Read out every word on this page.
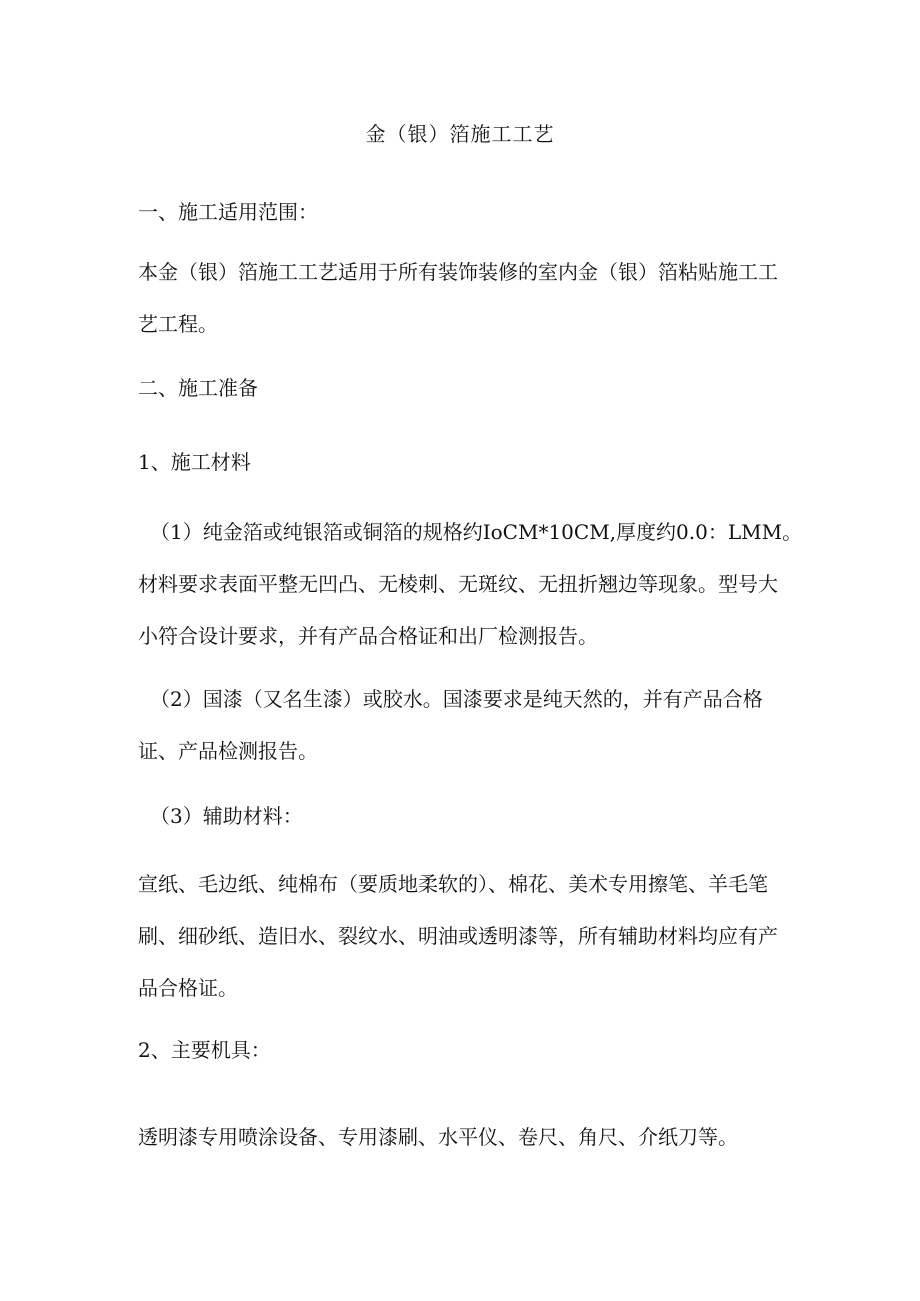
金（银）箔施工工艺

一、施工适用范围：

本金（银）箔施工工艺适用于所有装饰装修的室内金（银）箔粘贴施工工
艺工程。

二、施工准备

1、施工材料

（1）纯金箔或纯银箔或铜箔的规格约IoCM*10CM,厚度约0.0：LMM。
材料要求表面平整无凹凸、无棱刺、无斑纹、无扭折翘边等现象。型号大
小符合设计要求，并有产品合格证和出厂检测报告。
（2）国漆（又名生漆）或胶水。国漆要求是纯天然的，并有产品合格
证、产品检测报告。

（3）辅助材料：

宣纸、毛边纸、纯棉布（要质地柔软的）、棉花、美术专用擦笔、羊毛笔
刷、细砂纸、造旧水、裂纹水、明油或透明漆等，所有辅助材料均应有产
品合格证。

2、主要机具：

透明漆专用喷涂设备、专用漆刷、水平仪、卷尺、角尺、介纸刀等。
